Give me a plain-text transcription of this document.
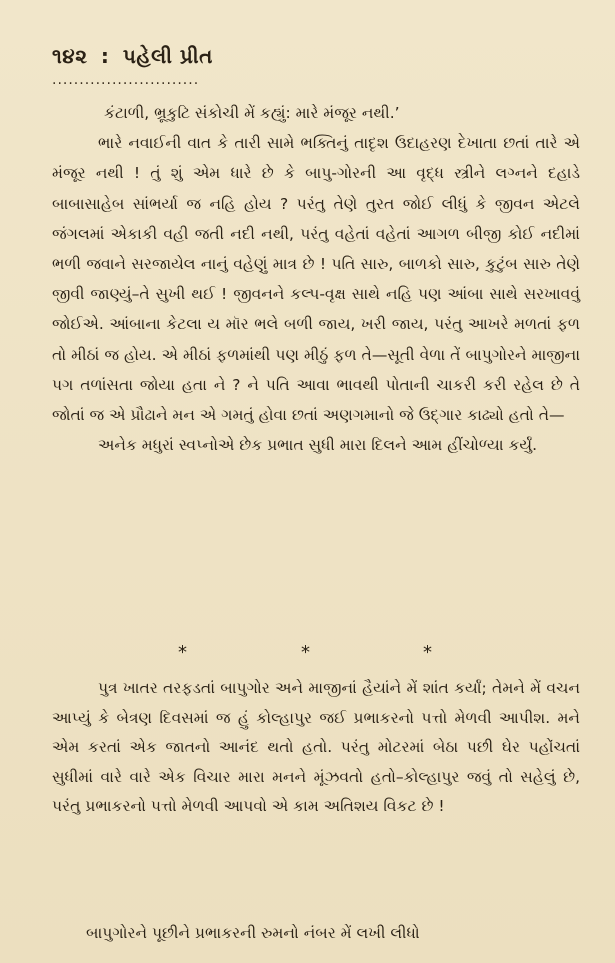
૧૪૨ : પહેલી પ્રીત
...........................

કંટાળી, ભ્રૂકુટિ સંકોચી મેં કહ્યું: મારે મંજૂર નથી.’

ભારે નવાઈની વાત કે તારી સામે ભક્તિનું તાદૃશ ઉદાહરણ દેખાતા છતાં તારે એ મંજૂર નથી ! તું શું એમ ધારે છે કે બાપુ-ગોરની આ વૃદ્ધ સ્ત્રીને લગ્નને દહાડે બાબાસાહેબ સાંભર્યા જ નહિ હોય ? પરંતુ તેણે તુરત જોઈ લીધું કે જીવન એટલે જંગલમાં એકાકી વહી જતી નદી નથી, પરંતુ વહેતાં વહેતાં આગળ બીજી કોઈ નદીમાં ભળી જવાને સરજાયેલ નાનું વહેણું માત્ર છે ! પતિ સારુ, બાળકો સારુ, કુટુંબ સારુ તેણે જીવી જાણ્યું–તે સુખી થઈ ! જીવનને કલ્પ-વૃક્ષ સાથે નહિ પણ આંબા સાથે સરખાવવું જોઈએ. આંબાના કેટલા ય મૉર ભલે બળી જાય, ખરી જાય, પરંતુ આખરે મળતાં ફળ તો મીઠાં જ હોય. એ મીઠાં ફળમાંથી પણ મીઠું ફળ તે—સૂતી વેળા તેં બાપુગોરને માજીના પગ તળાંસતા જોયા હતા ને ? ને પતિ આવા ભાવથી પોતાની ચાકરી કરી રહેલ છે તે જોતાં જ એ પ્રૌઢાને મન એ ગમતું હોવા છતાં અણગમાનો જે ઉદ્ગાર કાઢ્યો હતો તે—

અનેક મધુરાં સ્વપ્નોએ છેક પ્રભાત સુધી મારા દિલને આમ હીંચોળ્યા કર્યું.

*	*	*

પુત્ર ખાતર તરફડતાં બાપુગોર અને માજીનાં હૈયાંને મેં શાંત કર્યાં; તેમને મેં વચન આપ્યું કે બેત્રણ દિવસમાં જ હું કોલ્હાપુર જઈ પ્રભાકરનો પત્તો મેળવી આપીશ. મને એમ કરતાં એક જાતનો આનંદ થતો હતો. પરંતુ મોટરમાં બેઠા પછી ઘેર પહોંચતાં સુધીમાં વારે વારે એક વિચાર મારા મનને મૂંઝવતો હતો–કોલ્હાપુર જવું તો સહેલું છે, પરંતુ પ્રભાકરનો પત્તો મેળવી આપવો એ કામ અતિશય વિકટ છે !

બાપુગોરને પૂછીને પ્રભાકરની રુમનો નંબર મેં લખી લીધો
